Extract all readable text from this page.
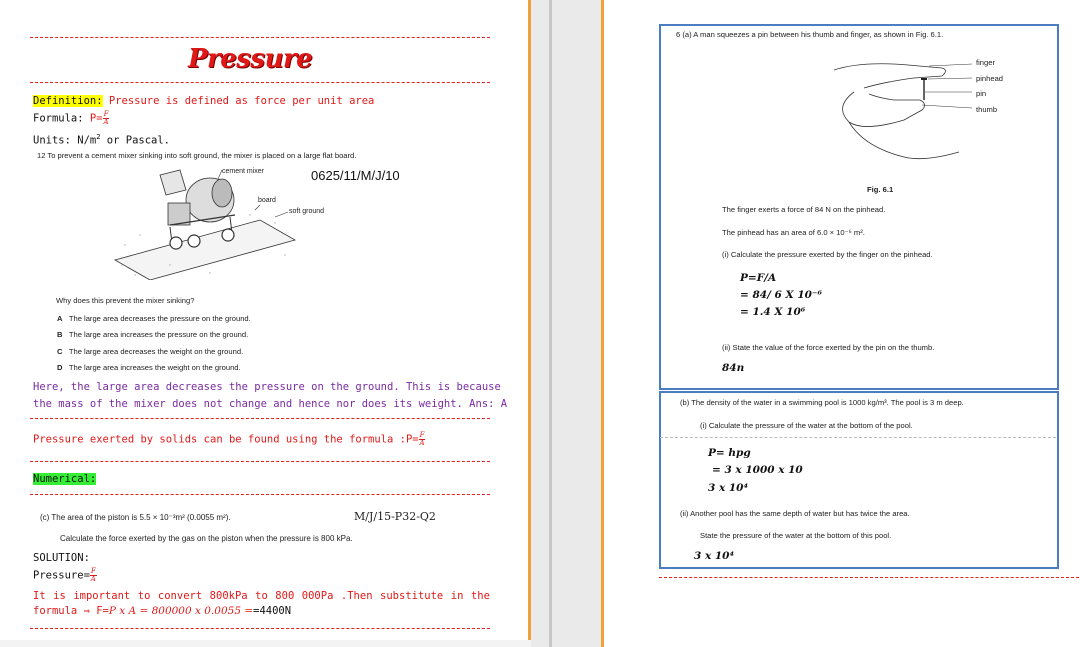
Pressure
Definition: Pressure is defined as force per unit area
Formula: $P= \frac{F}{A}$
Units: $N/m^2$ or Pascal.
12 To prevent a cement mixer sinking into soft ground, the mixer is placed on a large flat board.
cement mixer
board
soft ground
0625/11/M/J/10
Why does this prevent the mixer sinking?
A The large area decreases the pressure on the ground.
B The large area increases the pressure on the ground.
C The large area decreases the weight on the ground.
D The large area increases the weight on the ground.
Here, the large area decreases the pressure on the ground. This is because
the mass of the mixer does not change and hence nor does its weight. Ans: A
Pressure exerted by solids can be found using the formula :P= $\frac{F}{A}$
Numerical:
(c) The area of the piston is 5.5 × 10⁻³m² (0.0055 m²).	M/J/15-P32-Q2
Calculate the force exerted by the gas on the piston when the pressure is 800 kPa.
SOLUTION:
Pressure= $\frac{F}{A}$
It is important to convert 800kPa to 800 000Pa .Then substitute in the
formula ⇒ F=P x A = 800000 x 0.0055 ==4400N
6 (a) A man squeezes a pin between his thumb and finger, as shown in Fig. 6.1.
finger
pinhead
pin
thumb
Fig. 6.1
The finger exerts a force of 84 N on the pinhead.
The pinhead has an area of 6.0 × 10⁻⁶ m².
(i) Calculate the pressure exerted by the finger on the pinhead.
P=F/A
= 84/ 6 X 10⁻⁶
= 1.4 X 10⁶
(ii) State the value of the force exerted by the pin on the thumb.
84n
(b) The density of the water in a swimming pool is 1000 kg/m³. The pool is 3 m deep.
(i) Calculate the pressure of the water at the bottom of the pool.
P= hpg
= 3 x 1000 x 10
3 x 10⁴
(ii) Another pool has the same depth of water but has twice the area.
State the pressure of the water at the bottom of this pool.
3 x 10⁴
